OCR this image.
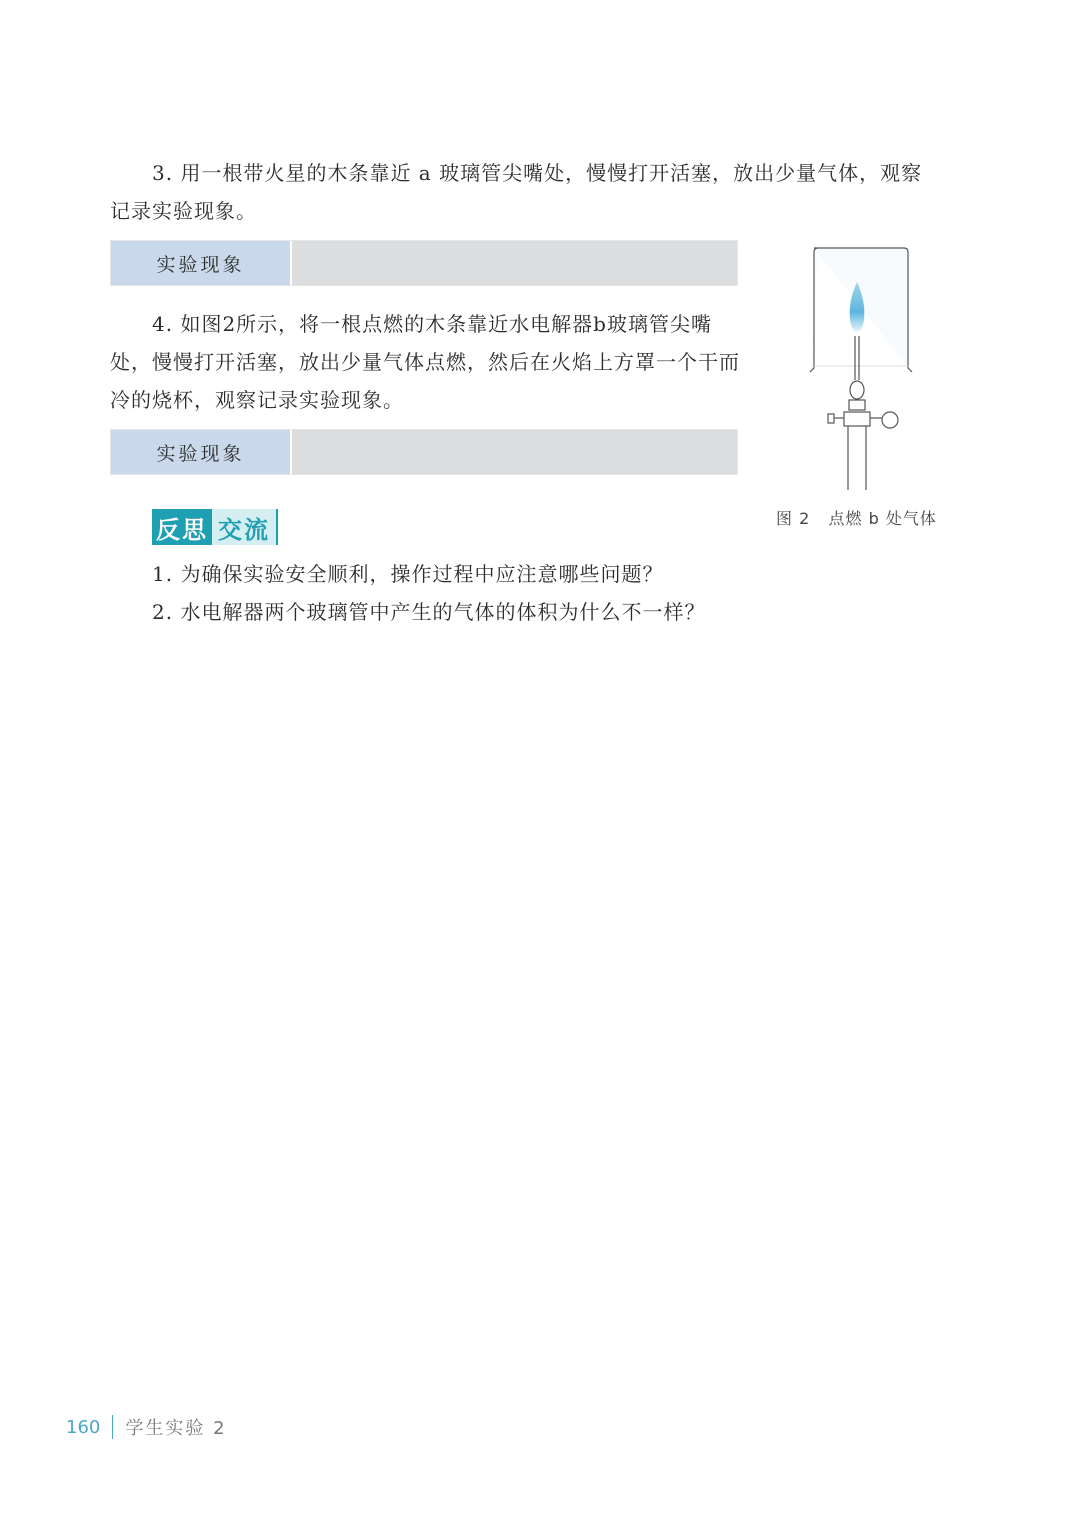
3. 用一根带火星的木条靠近 a 玻璃管尖嘴处，慢慢打开活塞，放出少量气体，观察记录实验现象。

实验现象

4. 如图2所示，将一根点燃的木条靠近水电解器b玻璃管尖嘴处，慢慢打开活塞，放出少量气体点燃，然后在火焰上方罩一个干而冷的烧杯，观察记录实验现象。

实验现象
反思 交流

1. 为确保实验安全顺利，操作过程中应注意哪些问题？

2. 水电解器两个玻璃管中产生的气体的体积为什么不一样？

图 2   点燃 b 处气体
160 学生实验 2
